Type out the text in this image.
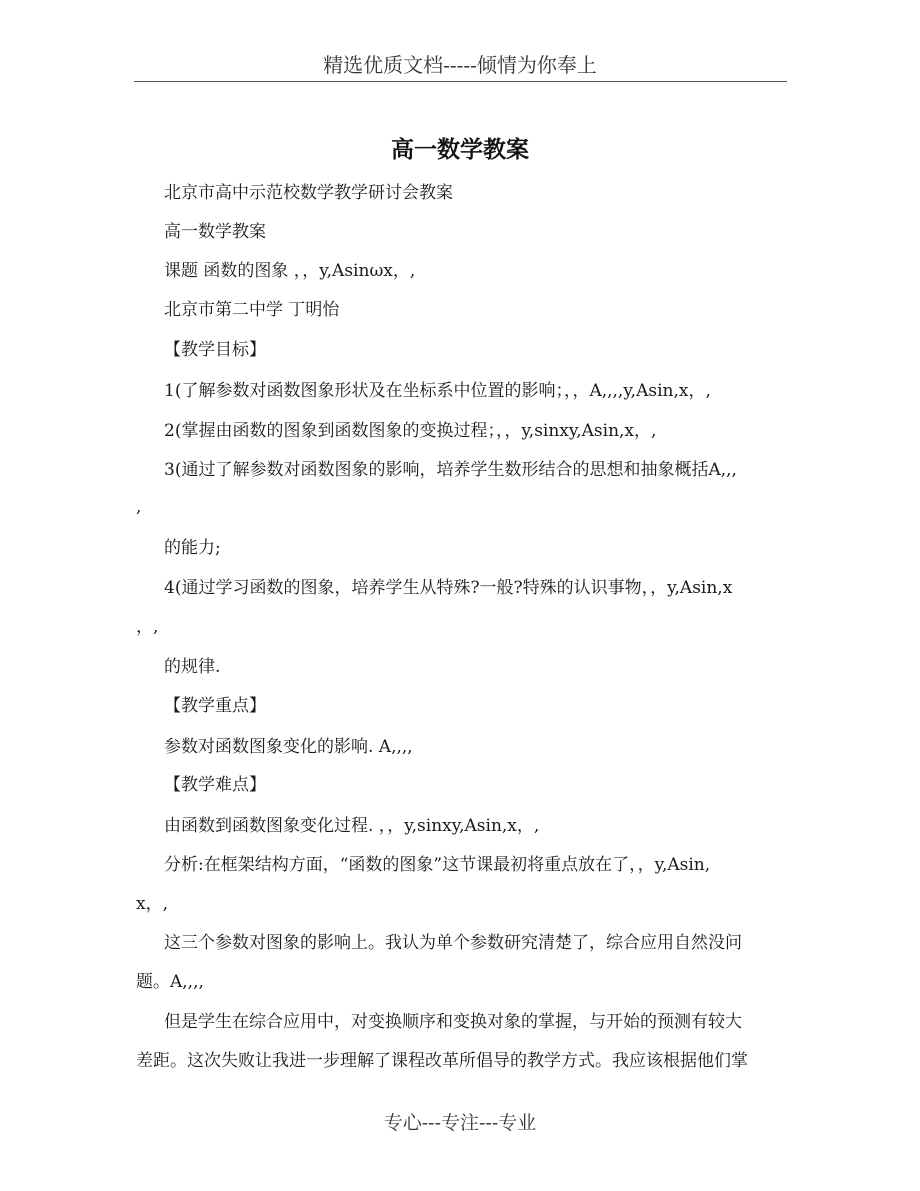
精选优质文档-----倾情为你奉上
高一数学教案
北京市高中示范校数学教学研讨会教案
高一数学教案
课题 函数的图象 ，，y,Asinωx，,
北京市第二中学 丁明怡
【教学目标】
1(了解参数对函数图象形状及在坐标系中位置的影响；，，A,,,,y,Asin,x，,
2(掌握由函数的图象到函数图象的变换过程；，，y,sinxy,Asin,x，,
3(通过了解参数对函数图象的影响，培养学生数形结合的思想和抽象概括A,,,
,
的能力;
4(通过学习函数的图象，培养学生从特殊?一般?特殊的认识事物，，y,Asin,x
，,
的规律.
【教学重点】
参数对函数图象变化的影响. A,,,,
【教学难点】
由函数到函数图象变化过程. ，，y,sinxy,Asin,x，,
分析:在框架结构方面，“函数的图象”这节课最初将重点放在了，，y,Asin,
x，,
这三个参数对图象的影响上。我认为单个参数研究清楚了，综合应用自然没问
题。A,,,,
但是学生在综合应用中，对变换顺序和变换对象的掌握，与开始的预测有较大
差距。这次失败让我进一步理解了课程改革所倡导的教学方式。我应该根据他们掌
专心---专注---专业
